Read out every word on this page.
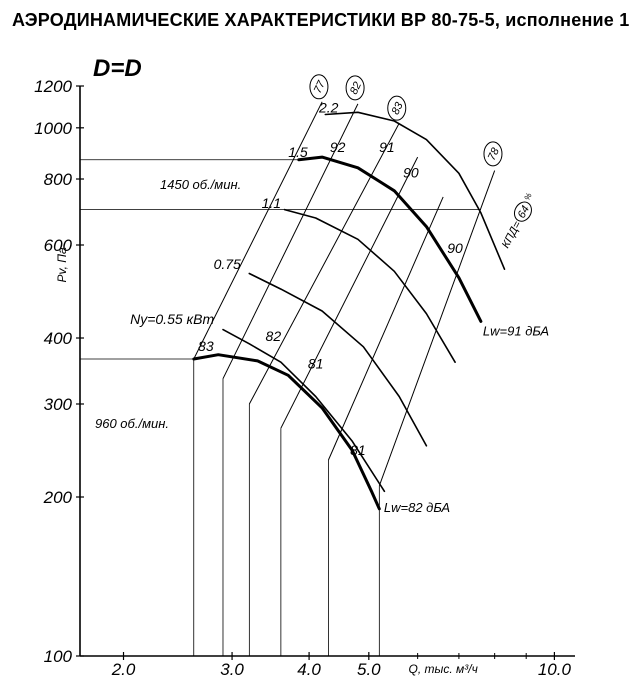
АЭРОДИНАМИЧЕСКИЕ ХАРАКТЕРИСТИКИ ВР 80-75-5, исполнение 1
100
200
300
400
600
800
1000
1200
2.0	3.0	4.0 5.0	10.0
Q, тыс. м³/ч
Pv, Па
D=D
1450 об./мин.
960 об./мин.
2.2
1.5
1.1
0.75
Ny=0.55 кВт
92 91
90
90
83
82
81
81
77 82
83
78
КПД=
64
%
Lw=91 дБА
Lw=82 дБА
